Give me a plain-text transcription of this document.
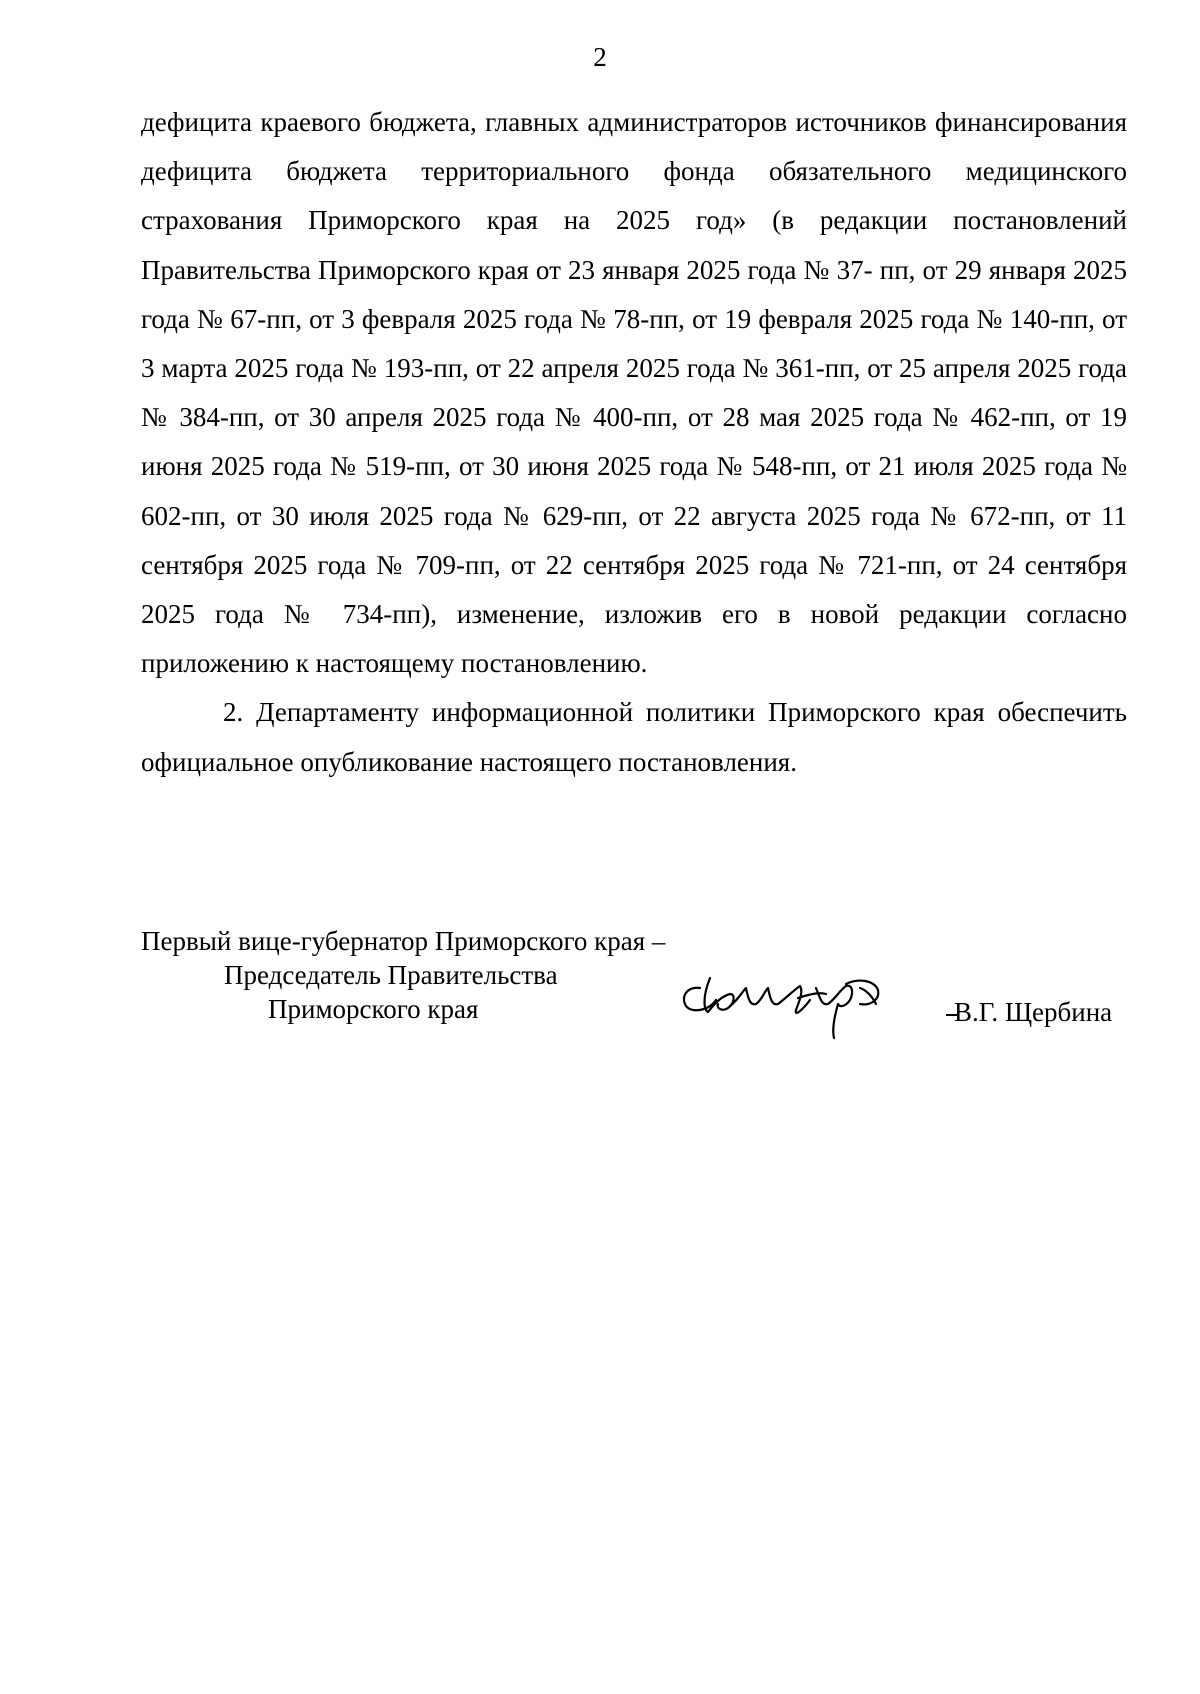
2

дефицита краевого бюджета, главных администраторов источников финансирования дефицита бюджета территориального фонда обязательного медицинского страхования Приморского края на 2025 год» (в редакции постановлений Правительства Приморского края от 23 января 2025 года № 37- пп, от 29 января 2025 года № 67-пп, от 3 февраля 2025 года № 78-пп, от 19 февраля 2025 года № 140-пп, от 3 марта 2025 года № 193-пп, от 22 апреля 2025 года № 361-пп, от 25 апреля 2025 года № 384-пп, от 30 апреля 2025 года № 400-пп, от 28 мая 2025 года № 462-пп, от 19 июня 2025 года № 519-пп, от 30 июня 2025 года № 548-пп, от 21 июля 2025 года № 602-пп, от 30 июля 2025 года № 629-пп, от 22 августа 2025 года № 672-пп, от 11 сентября 2025 года № 709-пп, от 22 сентября 2025 года № 721-пп, от 24 сентября 2025 года № 734-пп), изменение, изложив его в новой редакции согласно приложению к настоящему постановлению.

2. Департаменту информационной политики Приморского края обеспечить официальное опубликование настоящего постановления.

Первый вице-губернатор Приморского края –
Председатель Правительства
Приморского края	В.Г. Щербина
